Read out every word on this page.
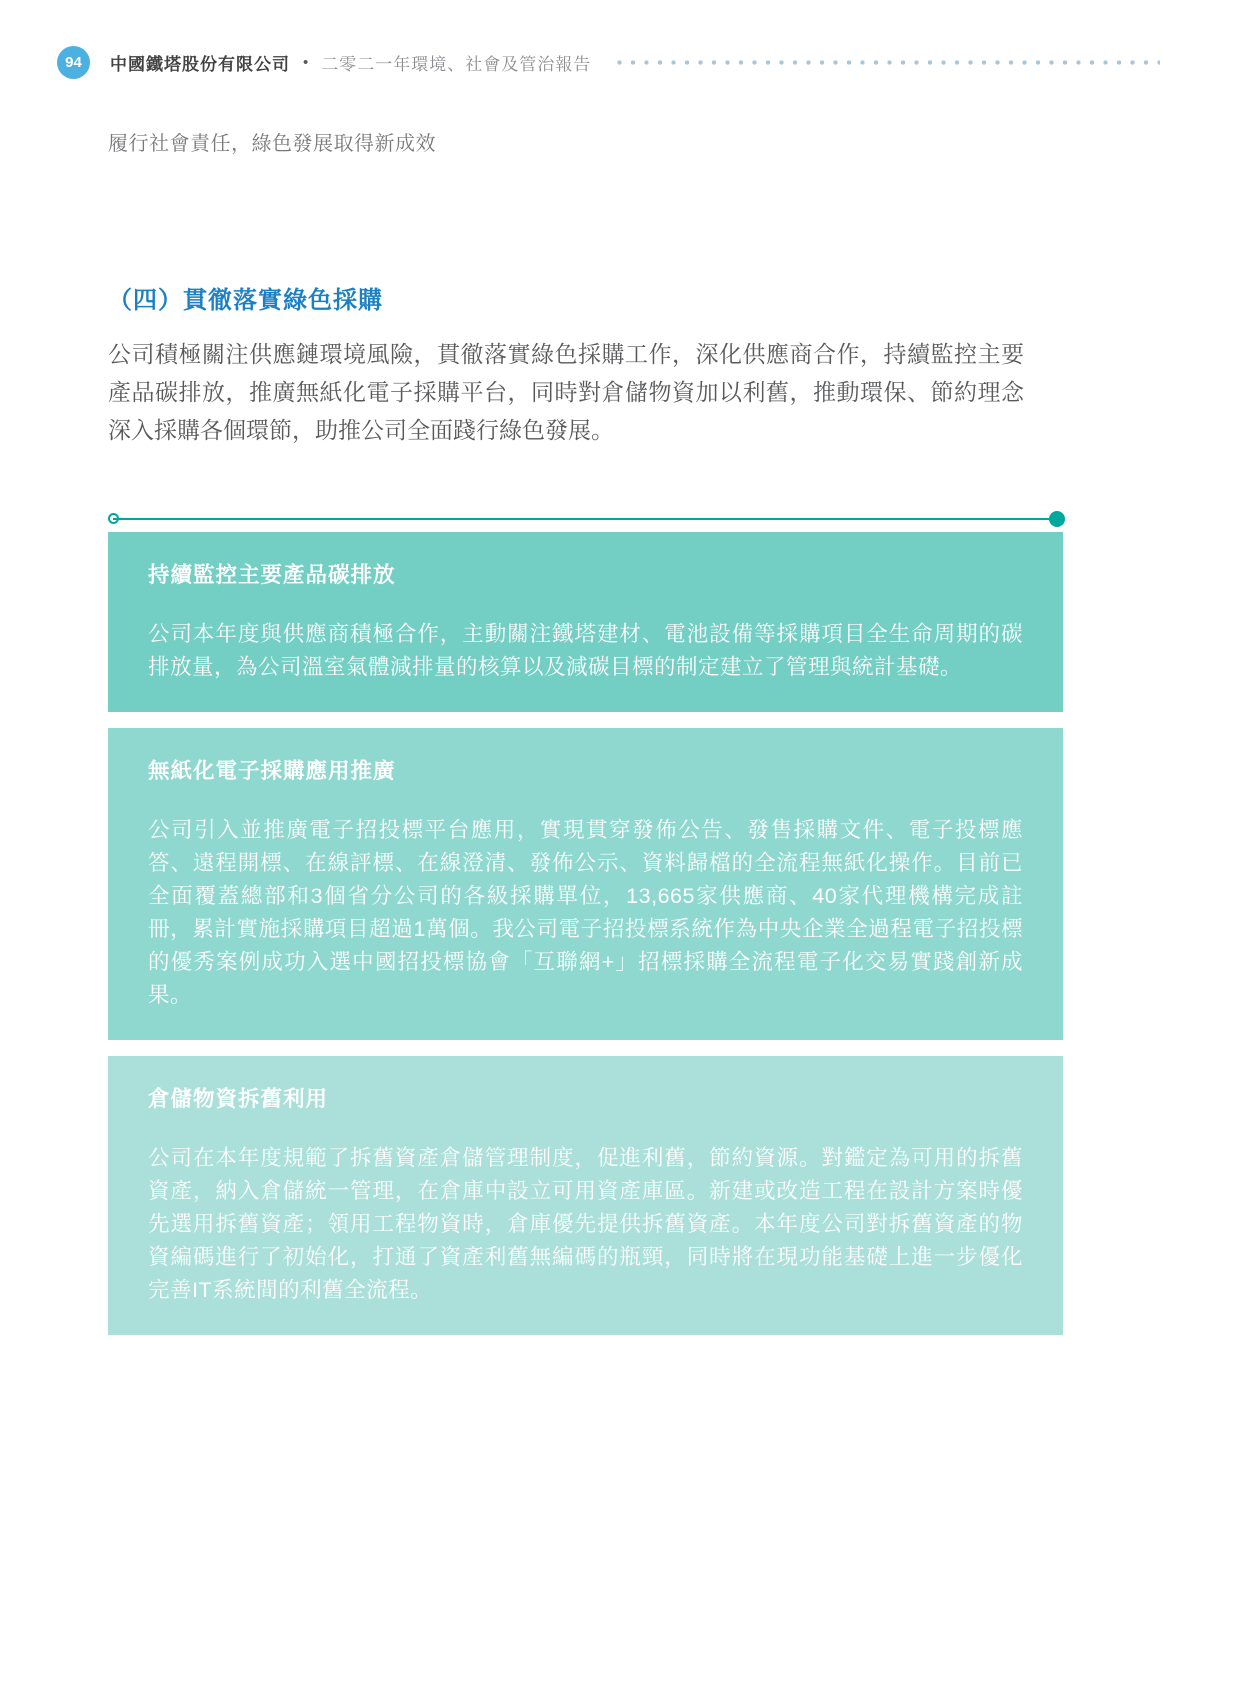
94	中國鐵塔股份有限公司 • 二零二一年環境、社會及管治報告
履行社會責任，綠色發展取得新成效
（四）貫徹落實綠色採購

公司積極關注供應鏈環境風險，貫徹落實綠色採購工作，深化供應商合作，持續監控主要產品碳排放，推廣無紙化電子採購平台，同時對倉儲物資加以利舊，推動環保、節約理念深入採購各個環節，助推公司全面踐行綠色發展。

持續監控主要產品碳排放

公司本年度與供應商積極合作，主動關注鐵塔建材、電池設備等採購項目全生命周期的碳排放量，為公司溫室氣體減排量的核算以及減碳目標的制定建立了管理與統計基礎。

無紙化電子採購應用推廣

公司引入並推廣電子招投標平台應用，實現貫穿發佈公告、發售採購文件、電子投標應答、遠程開標、在線評標、在線澄清、發佈公示、資料歸檔的全流程無紙化操作。目前已全面覆蓋總部和3個省分公司的各級採購單位，13,665家供應商、40家代理機構完成註冊，累計實施採購項目超過1萬個。我公司電子招投標系統作為中央企業全過程電子招投標的優秀案例成功入選中國招投標協會「互聯網+」招標採購全流程電子化交易實踐創新成果。

倉儲物資拆舊利用

公司在本年度規範了拆舊資產倉儲管理制度，促進利舊，節約資源。對鑑定為可用的拆舊資產，納入倉儲統一管理，在倉庫中設立可用資產庫區。新建或改造工程在設計方案時優先選用拆舊資產；領用工程物資時，倉庫優先提供拆舊資產。本年度公司對拆舊資產的物資編碼進行了初始化，打通了資產利舊無編碼的瓶頸，同時將在現功能基礎上進一步優化完善IT系統間的利舊全流程。
